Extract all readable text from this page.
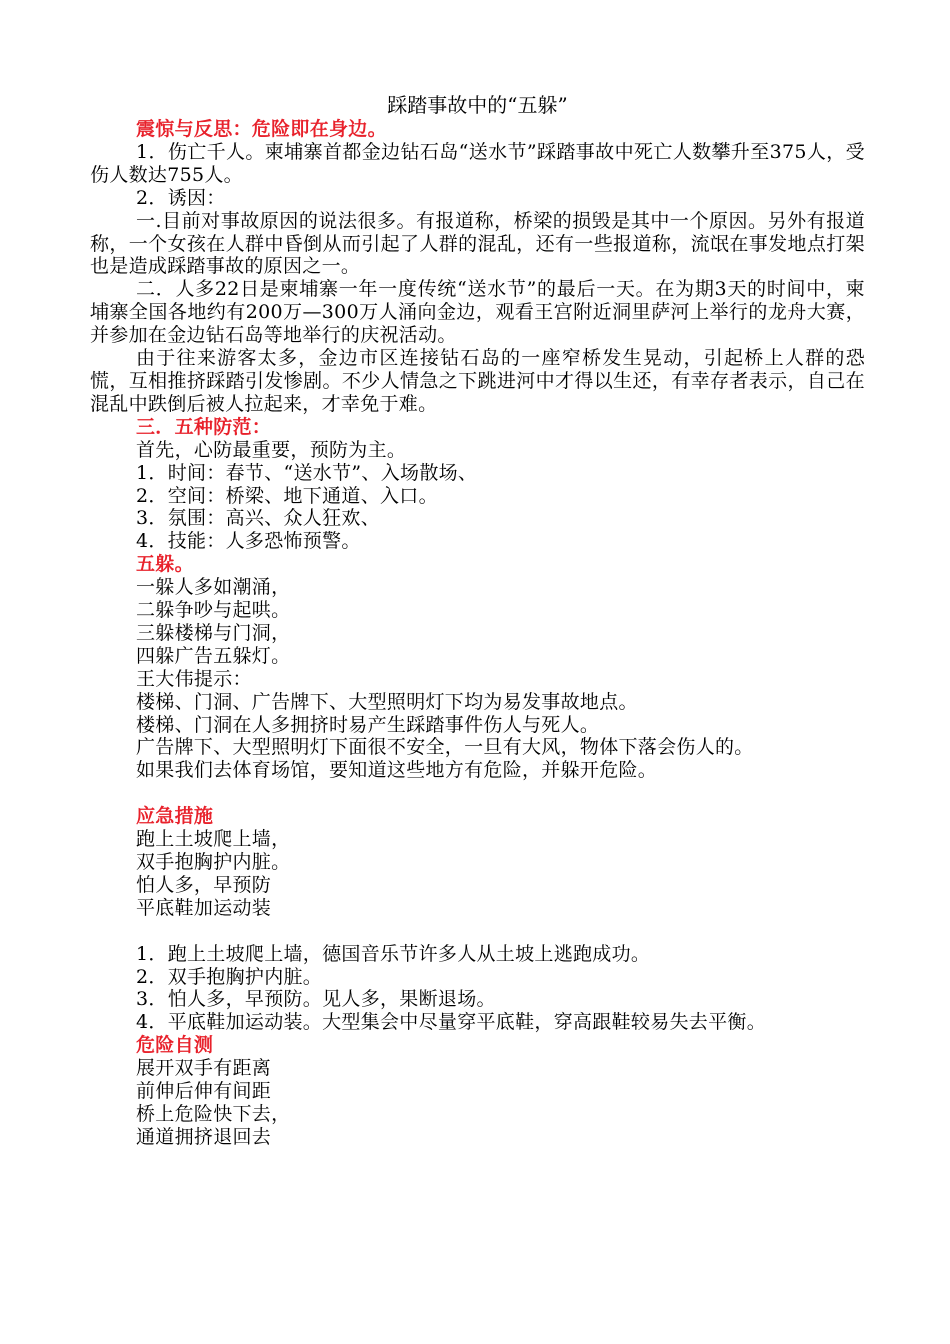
踩踏事故中的“五躲”

震惊与反思：危险即在身边。

1．伤亡千人。柬埔寨首都金边钻石岛“送水节”踩踏事故中死亡人数攀升至375人，受伤人数达755人。

2．诱因：

一.目前对事故原因的说法很多。有报道称，桥梁的损毁是其中一个原因。另外有报道称，一个女孩在人群中昏倒从而引起了人群的混乱，还有一些报道称，流氓在事发地点打架也是造成踩踏事故的原因之一。

二．人多22日是柬埔寨一年一度传统“送水节”的最后一天。在为期3天的时间中，柬埔寨全国各地约有200万—300万人涌向金边，观看王宫附近洞里萨河上举行的龙舟大赛，并参加在金边钻石岛等地举行的庆祝活动。

由于往来游客太多，金边市区连接钻石岛的一座窄桥发生晃动，引起桥上人群的恐慌，互相推挤踩踏引发惨剧。不少人情急之下跳进河中才得以生还，有幸存者表示，自己在混乱中跌倒后被人拉起来，才幸免于难。

三．五种防范：

首先，心防最重要，预防为主。

1．时间：春节、“送水节”、入场散场、

2．空间：桥梁、地下通道、入口。

3．氛围：高兴、众人狂欢、

4．技能：人多恐怖预警。

五躲。

一躲人多如潮涌，

二躲争吵与起哄。

三躲楼梯与门洞，

四躲广告五躲灯。

王大伟提示：

楼梯、门洞、广告牌下、大型照明灯下均为易发事故地点。

楼梯、门洞在人多拥挤时易产生踩踏事件伤人与死人。

广告牌下、大型照明灯下面很不安全，一旦有大风，物体下落会伤人的。

如果我们去体育场馆，要知道这些地方有危险，并躲开危险。

应急措施

跑上土坡爬上墙，

双手抱胸护内脏。

怕人多，早预防

平底鞋加运动装

1．跑上土坡爬上墙，德国音乐节许多人从土坡上逃跑成功。

2．双手抱胸护内脏。

3．怕人多，早预防。见人多，果断退场。

4．平底鞋加运动装。大型集会中尽量穿平底鞋，穿高跟鞋较易失去平衡。

危险自测

展开双手有距离

前伸后伸有间距

桥上危险快下去，

通道拥挤退回去
